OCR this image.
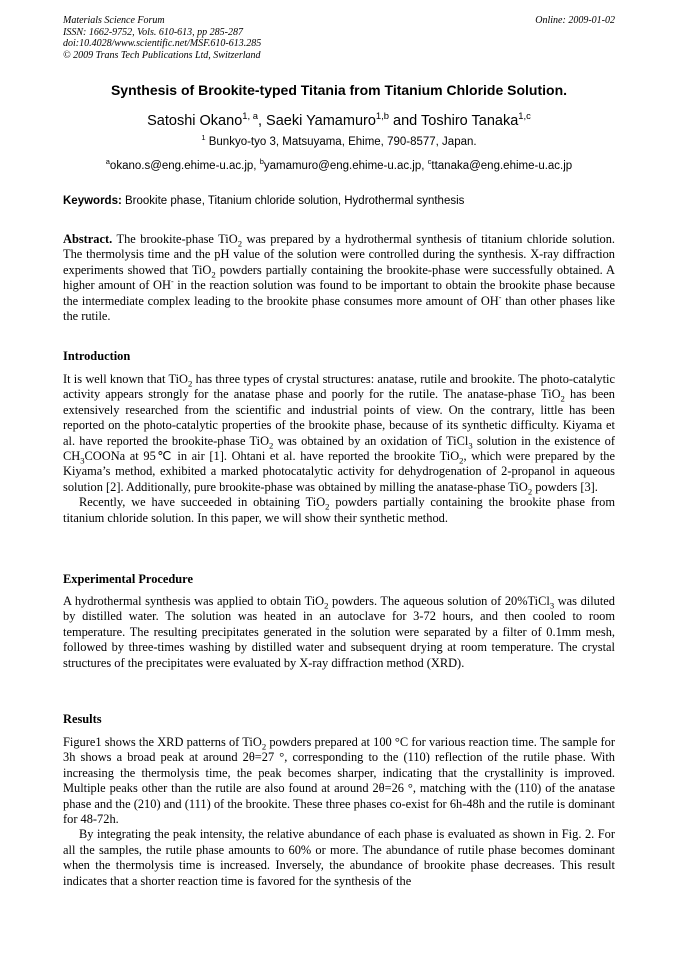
Materials Science Forum
ISSN: 1662-9752, Vols. 610-613, pp 285-287
doi:10.4028/www.scientific.net/MSF.610-613.285
© 2009 Trans Tech Publications Ltd, Switzerland
Online: 2009-01-02
Synthesis of Brookite-typed Titania from Titanium Chloride Solution.
Satoshi Okano$^{1, a}$, Saeki Yamamuro$^{1,b}$ and Toshiro Tanaka$^{1,c}$
$^1$ Bunkyo-tyo 3, Matsuyama, Ehime, 790-8577, Japan.
$^a$okano.s@eng.ehime-u.ac.jp, $^b$yamamuro@eng.ehime-u.ac.jp, $^c$ttanaka@eng.ehime-u.ac.jp
Keywords: Brookite phase, Titanium chloride solution, Hydrothermal synthesis

Abstract. The brookite-phase TiO$_2$ was prepared by a hydrothermal synthesis of titanium chloride solution. The thermolysis time and the pH value of the solution were controlled during the synthesis. X-ray diffraction experiments showed that TiO$_2$ powders partially containing the brookite-phase were successfully obtained. A higher amount of OH- in the reaction solution was found to be important to obtain the brookite phase because the intermediate complex leading to the brookite phase consumes more amount of OH- than other phases like the rutile.

Introduction

It is well known that TiO$_2$ has three types of crystal structures: anatase, rutile and brookite. The photo-catalytic activity appears strongly for the anatase phase and poorly for the rutile. The anatase-phase TiO$_2$ has been extensively researched from the scientific and industrial points of view. On the contrary, little has been reported on the photo-catalytic properties of the brookite phase, because of its synthetic difficulty. Kiyama et al. have reported the brookite-phase TiO$_2$ was obtained by an oxidation of TiCl$_3$ solution in the existence of $CH_3COONa$ at 95℃ in air [1]. Ohtani et al. have reported the brookite TiO$_2$, which were prepared by the Kiyama’s method, exhibited a marked photocatalytic activity for dehydrogenation of 2-propanol in aqueous solution [2]. Additionally, pure brookite-phase was obtained by milling the anatase-phase TiO$_2$ powders [3].

Recently, we have succeeded in obtaining TiO$_2$ powders partially containing the brookite phase from titanium chloride solution. In this paper, we will show their synthetic method.

Experimental Procedure

A hydrothermal synthesis was applied to obtain TiO$_2$ powders. The aqueous solution of 20%TiCl$_3$ was diluted by distilled water. The solution was heated in an autoclave for 3-72 hours, and then cooled to room temperature. The resulting precipitates generated in the solution were separated by a filter of 0.1mm mesh, followed by three-times washing by distilled water and subsequent drying at room temperature. The crystal structures of the precipitates were evaluated by X-ray diffraction method (XRD).

Results

Figure1 shows the XRD patterns of TiO$_2$ powders prepared at 100 °C for various reaction time. The sample for 3h shows a broad peak at around 2θ=27 °, corresponding to the (110) reflection of the rutile phase. With increasing the thermolysis time, the peak becomes sharper, indicating that the crystallinity is improved. Multiple peaks other than the rutile are also found at around 2θ=26 °, matching with the (110) of the anatase phase and the (210) and (111) of the brookite. These three phases co-exist for 6h-48h and the rutile is dominant for 48-72h.

By integrating the peak intensity, the relative abundance of each phase is evaluated as shown in Fig. 2. For all the samples, the rutile phase amounts to 60% or more. The abundance of rutile phase becomes dominant when the thermolysis time is increased. Inversely, the abundance of brookite phase decreases. This result indicates that a shorter reaction time is favored for the synthesis of the
